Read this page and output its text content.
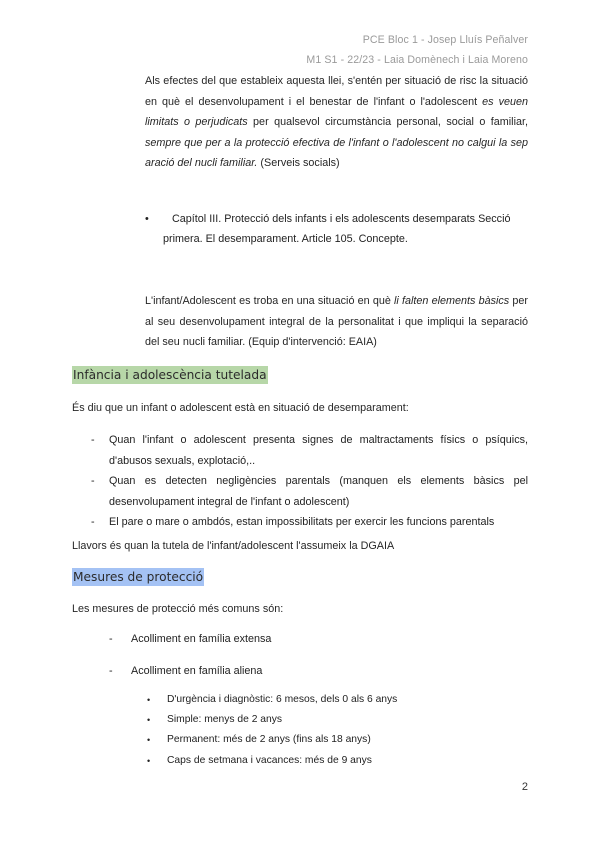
PCE Bloc 1 - Josep Lluís Peñalver
M1 S1 - 22/23 - Laia Domènech i Laia Moreno
Als efectes del que estableix aquesta llei, s'entén per situació de risc la situació en què el desenvolupament i el benestar de l'infant o l'adolescent es veuen limitats o perjudicats per qualsevol circumstància personal, social o familiar, sempre que per a la protecció efectiva de l'infant o l'adolescent no calgui la sep aració del nucli familiar. (Serveis socials)
•	Capítol III. Protecció dels infants i els adolescents desemparats Secció primera. El desemparament. Article 105. Concepte.
L'infant/Adolescent es troba en una situació en què li falten elements bàsics per al seu desenvolupament integral de la personalitat i que impliqui la separació del seu nucli familiar. (Equip d'intervenció: EAIA)
Infància i adolescència tutelada
És diu que un infant o adolescent està en situació de desemparament:
- Quan l'infant o adolescent presenta signes de maltractaments físics o psíquics, d'abusos sexuals, explotació,..
- Quan es detecten negligències parentals (manquen els elements bàsics pel desenvolupament integral de l'infant o adolescent)
- El pare o mare o ambdós, estan impossibilitats per exercir les funcions parentals
Llavors és quan la tutela de l'infant/adolescent l'assumeix la DGAIA
Mesures de protecció
Les mesures de protecció més comuns són:
- Acolliment en família extensa
- Acolliment en família aliena
• D'urgència i diagnòstic: 6 mesos, dels 0 als 6 anys
• Simple: menys de 2 anys
• Permanent: més de 2 anys (fins als 18 anys)
• Caps de setmana i vacances: més de 9 anys
2
